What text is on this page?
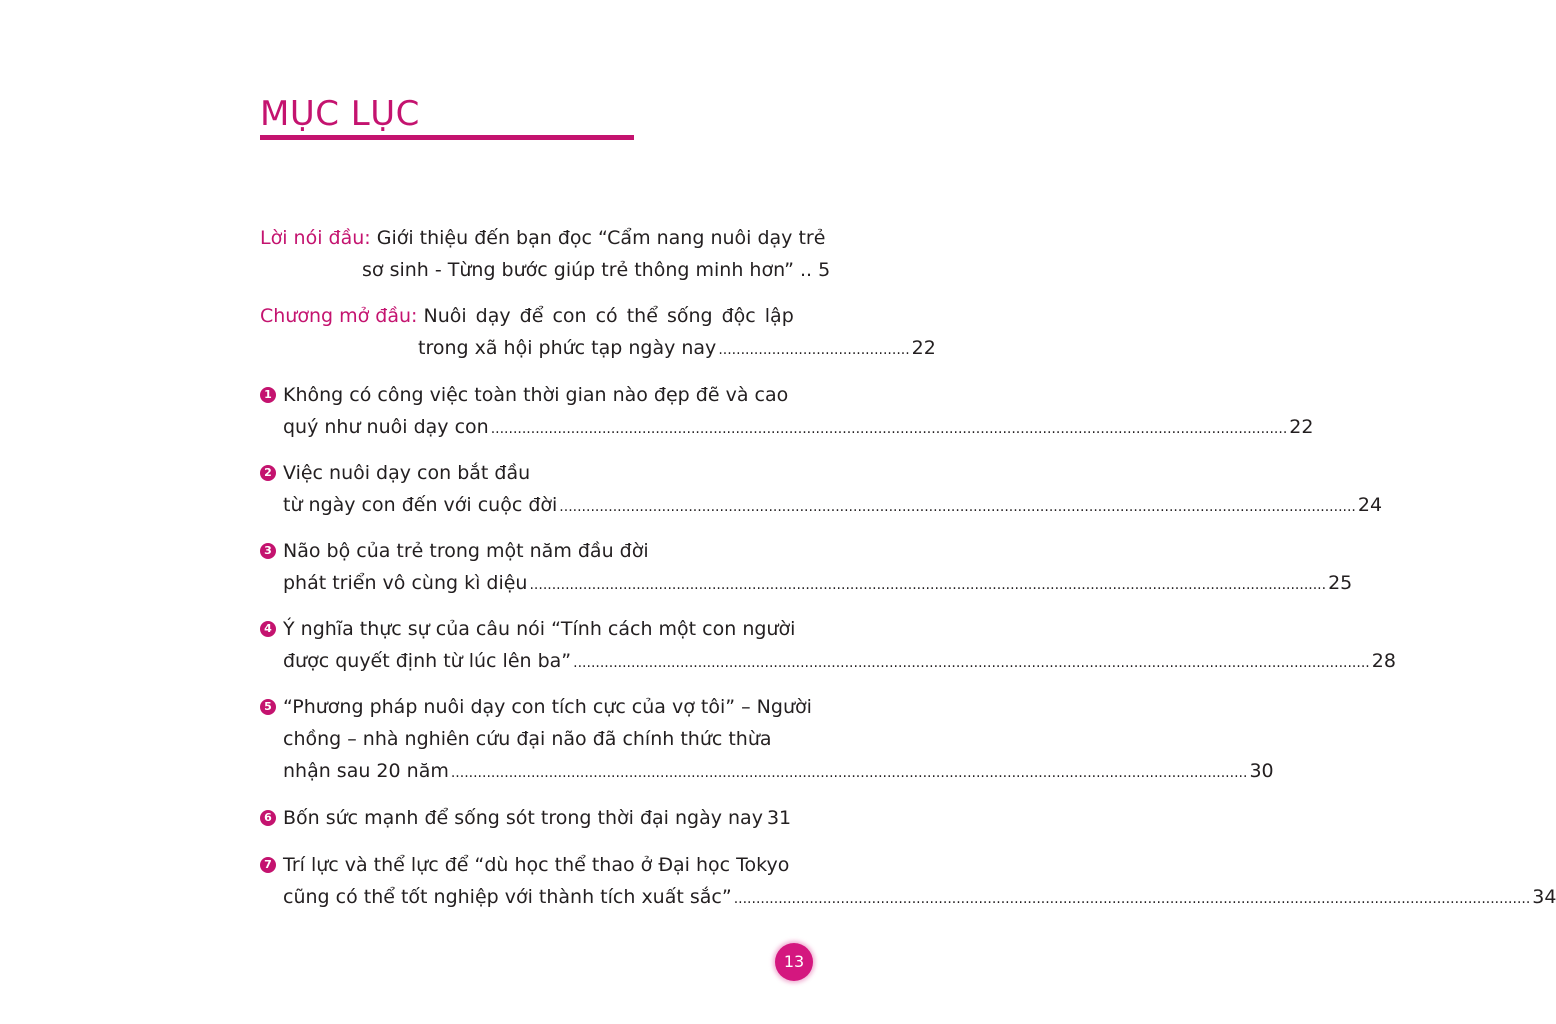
MỤC LỤC
Lời nói đầu: Giới thiệu đến bạn đọc “Cẩm nang nuôi dạy trẻ
sơ sinh - Từng bước giúp trẻ thông minh hơn” .. 5
Chương mở đầu: Nuôi dạy để con có thể sống độc lập
trong xã hội phức tạp ngày nay ........................................... 22
1 Không có công việc toàn thời gian nào đẹp đẽ và cao
quý như nuôi dạy con .....	22
2 Việc nuôi dạy con bắt đầu
từ ngày con đến với cuộc đời .....	24
3 Não bộ của trẻ trong một năm đầu đời
phát triển vô cùng kì diệu .....	25
4 Ý nghĩa thực sự của câu nói “Tính cách một con người
được quyết định từ lúc lên ba” .....	28
5 “Phương pháp nuôi dạy con tích cực của vợ tôi” – Người
chồng – nhà nghiên cứu đại não đã chính thức thừa
nhận sau 20 năm .....	30
6 Bốn sức mạnh để sống sót trong thời đại ngày nay 31
7 Trí lực và thể lực để “dù học thể thao ở Đại học Tokyo
cũng có thể tốt nghiệp với thành tích xuất sắc” .....	34
13
